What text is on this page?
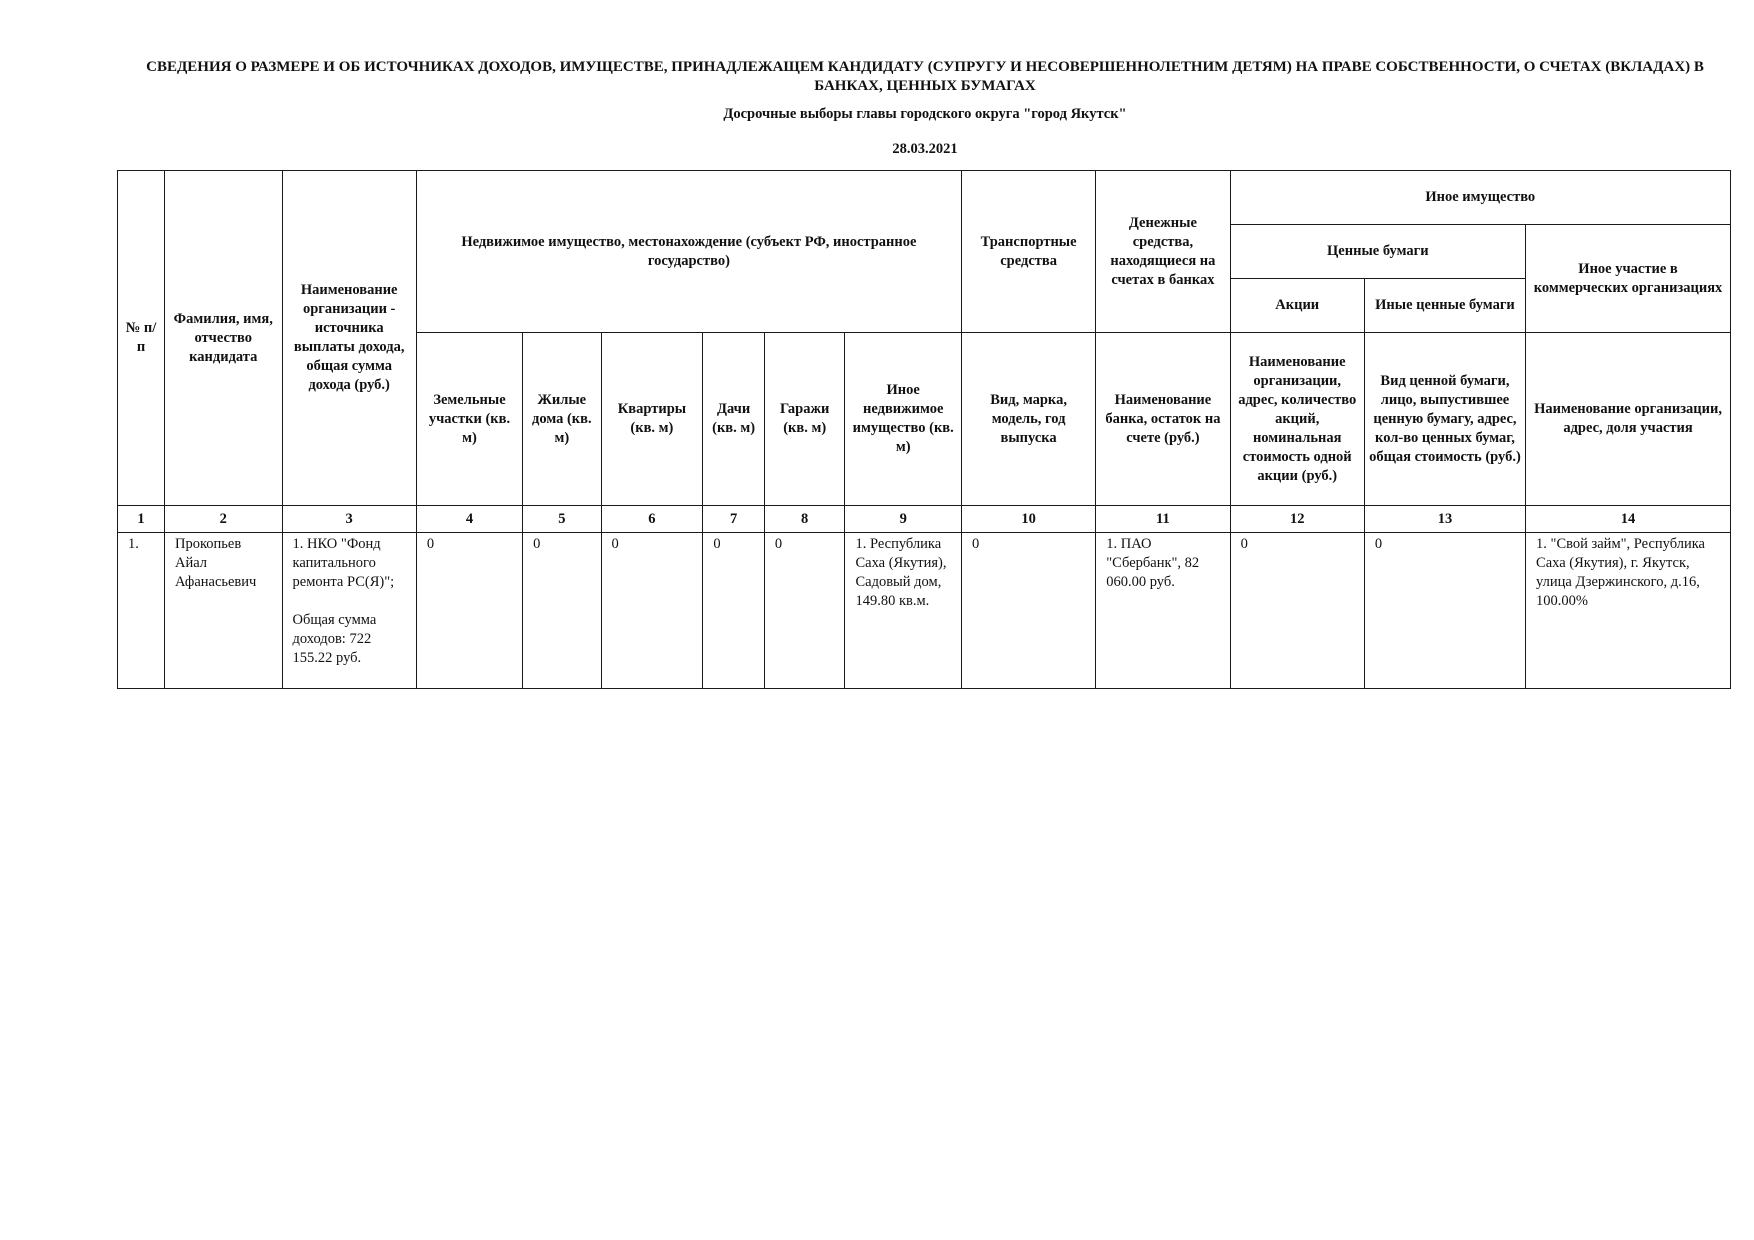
СВЕДЕНИЯ О РАЗМЕРЕ И ОБ ИСТОЧНИКАХ ДОХОДОВ, ИМУЩЕСТВЕ, ПРИНАДЛЕЖАЩЕМ КАНДИДАТУ (СУПРУГУ И НЕСОВЕРШЕННОЛЕТНИМ ДЕТЯМ) НА ПРАВЕ СОБСТВЕННОСТИ, О СЧЕТАХ (ВКЛАДАХ) В БАНКАХ, ЦЕННЫХ БУМАГАХ
Досрочные выборы главы городского округа "город Якутск"
28.03.2021
№ п/п	Фамилия, имя, отчество кандидата	Наименование организации - источника выплаты дохода, общая сумма дохода (руб.)	Недвижимое имущество, местонахождение (субъект РФ, иностранное государство)						Транспортные средства	Денежные средства, находящиеся на счетах в банках	Иное имущество		
											Ценные бумаги		Иное участие в коммерческих организациях
											Акции	Иные ценные бумаги	
			Земельные участки (кв. м)	Жилые дома (кв. м)	Квартиры (кв. м)	Дачи (кв. м)	Гаражи (кв. м)	Иное недвижимое имущество (кв. м)	Вид, марка, модель, год выпуска	Наименование банка, остаток на счете (руб.)	Наименование организации, адрес, количество акций, номинальная стоимость одной акции (руб.)	Вид ценной бумаги, лицо, выпустившее ценную бумагу, адрес, кол-во ценных бумаг, общая стоимость (руб.)	Наименование организации, адрес, доля участия
1	2	3	4	5	6	7	8	9	10	11	12	13	14
1.	Прокопьев Айал Афанасьевич	1. НКО "Фонд капитального ремонта РС(Я)";
Общая сумма доходов: 722 155.22 руб.	0	0	0	0	0	1. Республика Саха (Якутия), Садовый дом, 149.80 кв.м.	0	1. ПАО "Сбербанк", 82 060.00 руб.	0	0	1. "Свой займ", Республика Саха (Якутия), г. Якутск, улица Дзержинского, д.16, 100.00%
